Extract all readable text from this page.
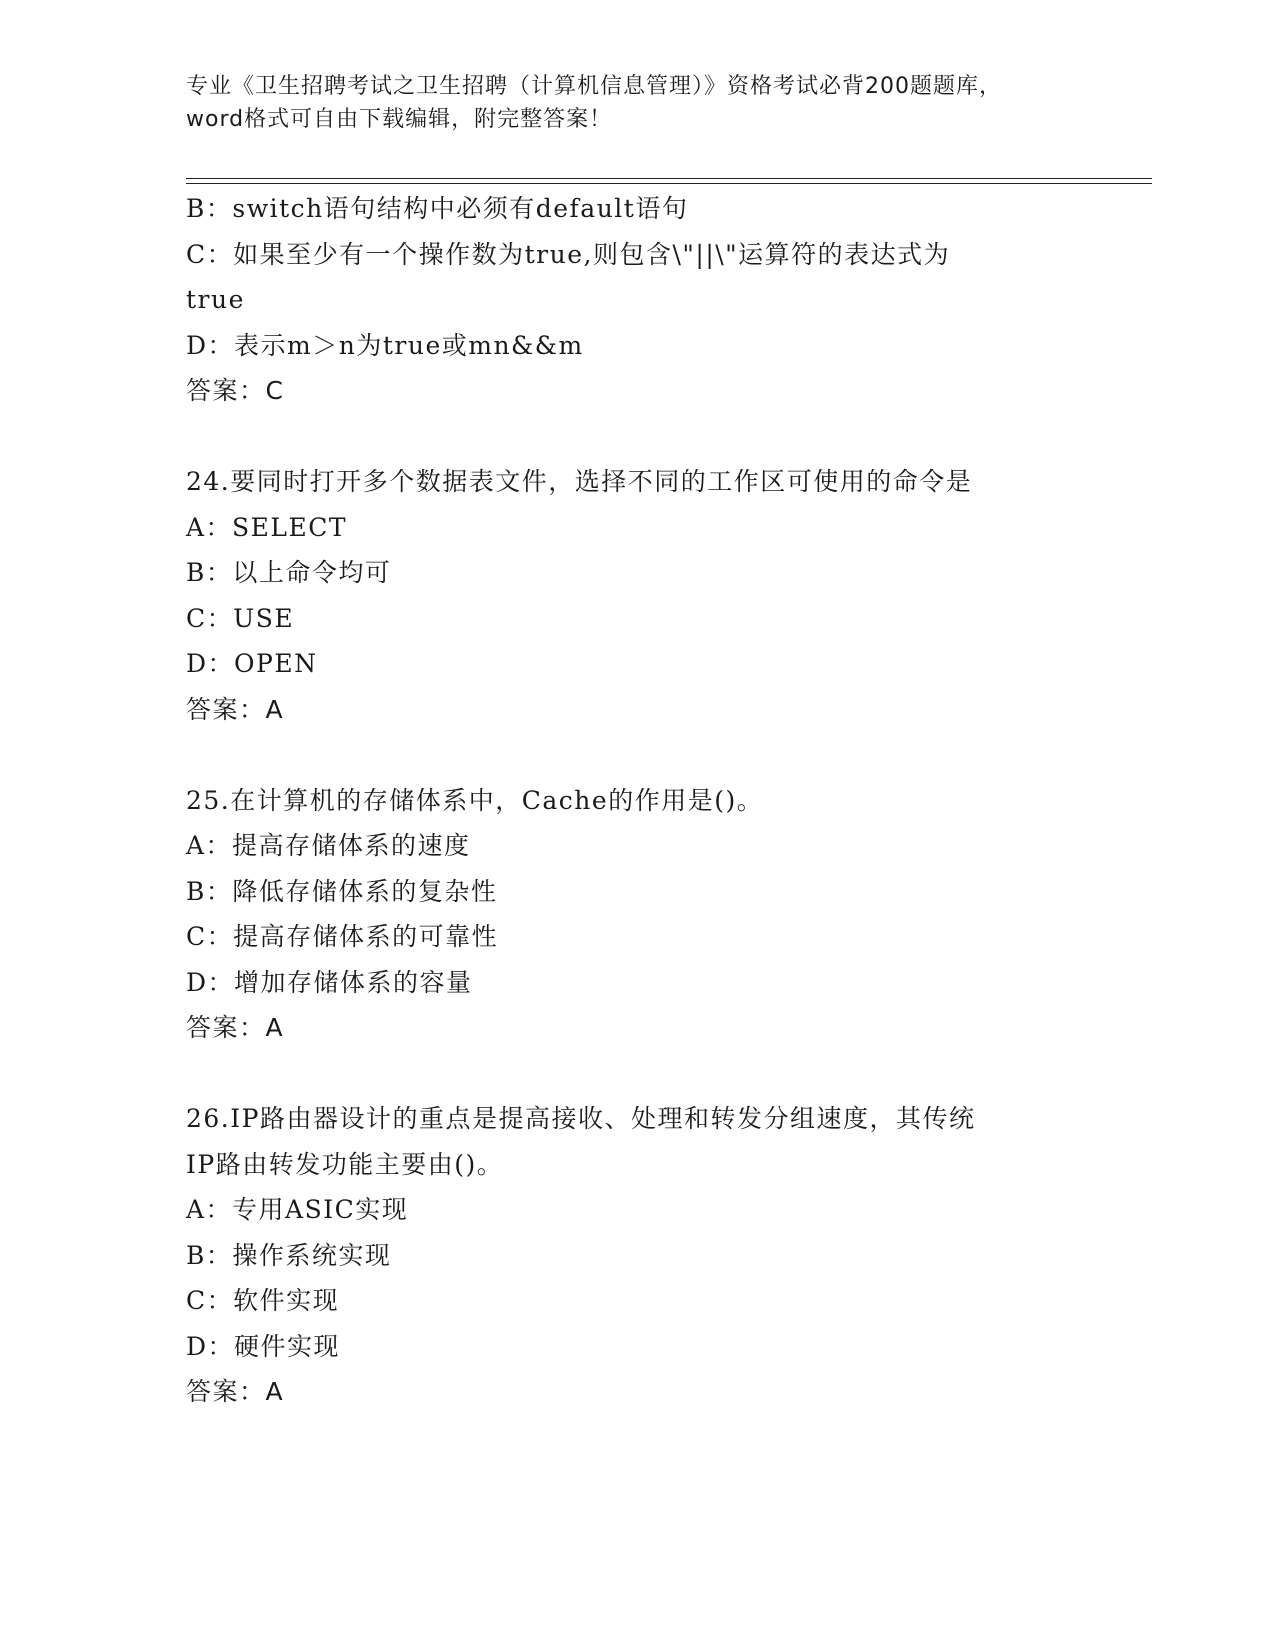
专业《卫生招聘考试之卫生招聘（计算机信息管理）》资格考试必背200题题库，
word格式可自由下载编辑，附完整答案！
B：switch语句结构中必须有default语句
C：如果至少有一个操作数为true,则包含\"||\"运算符的表达式为
true
D：表示m＞n为true或mn&&m
答案：C
24.要同时打开多个数据表文件，选择不同的工作区可使用的命令是
A：SELECT
B：以上命令均可
C：USE
D：OPEN
答案：A
25.在计算机的存储体系中，Cache的作用是()。
A：提高存储体系的速度
B：降低存储体系的复杂性
C：提高存储体系的可靠性
D：增加存储体系的容量
答案：A
26.IP路由器设计的重点是提高接收、处理和转发分组速度，其传统
IP路由转发功能主要由()。
A：专用ASIC实现
B：操作系统实现
C：软件实现
D：硬件实现
答案：A
